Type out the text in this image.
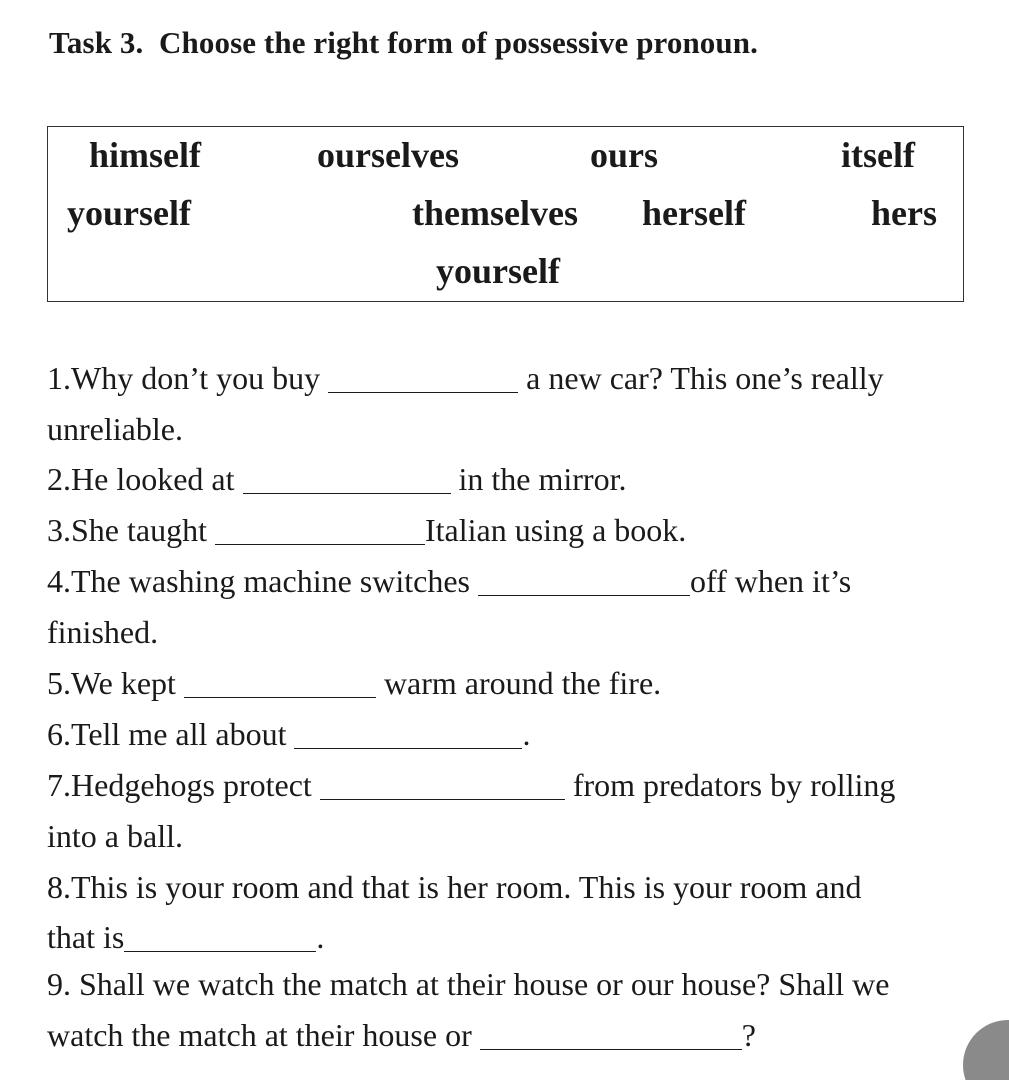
Task 3.  Choose the right form of possessive pronoun.
himself	ourselves	ours	itself
yourself	themselves herself	hers
yourself
1.Why don’t you buy	a new car? This one’s really
unreliable.
2.He looked at	in the mirror.
3.She taught	Italian using a book.
4.The washing machine switches	off when it’s
finished.
5.We kept	warm around the fire.
6.Tell me all about	.
7.Hedgehogs protect	from predators by rolling
into a ball.
8.This is your room and that is her room. This is your room and
that is	.
9. Shall we watch the match at their house or our house? Shall we
watch the match at their house or	?
